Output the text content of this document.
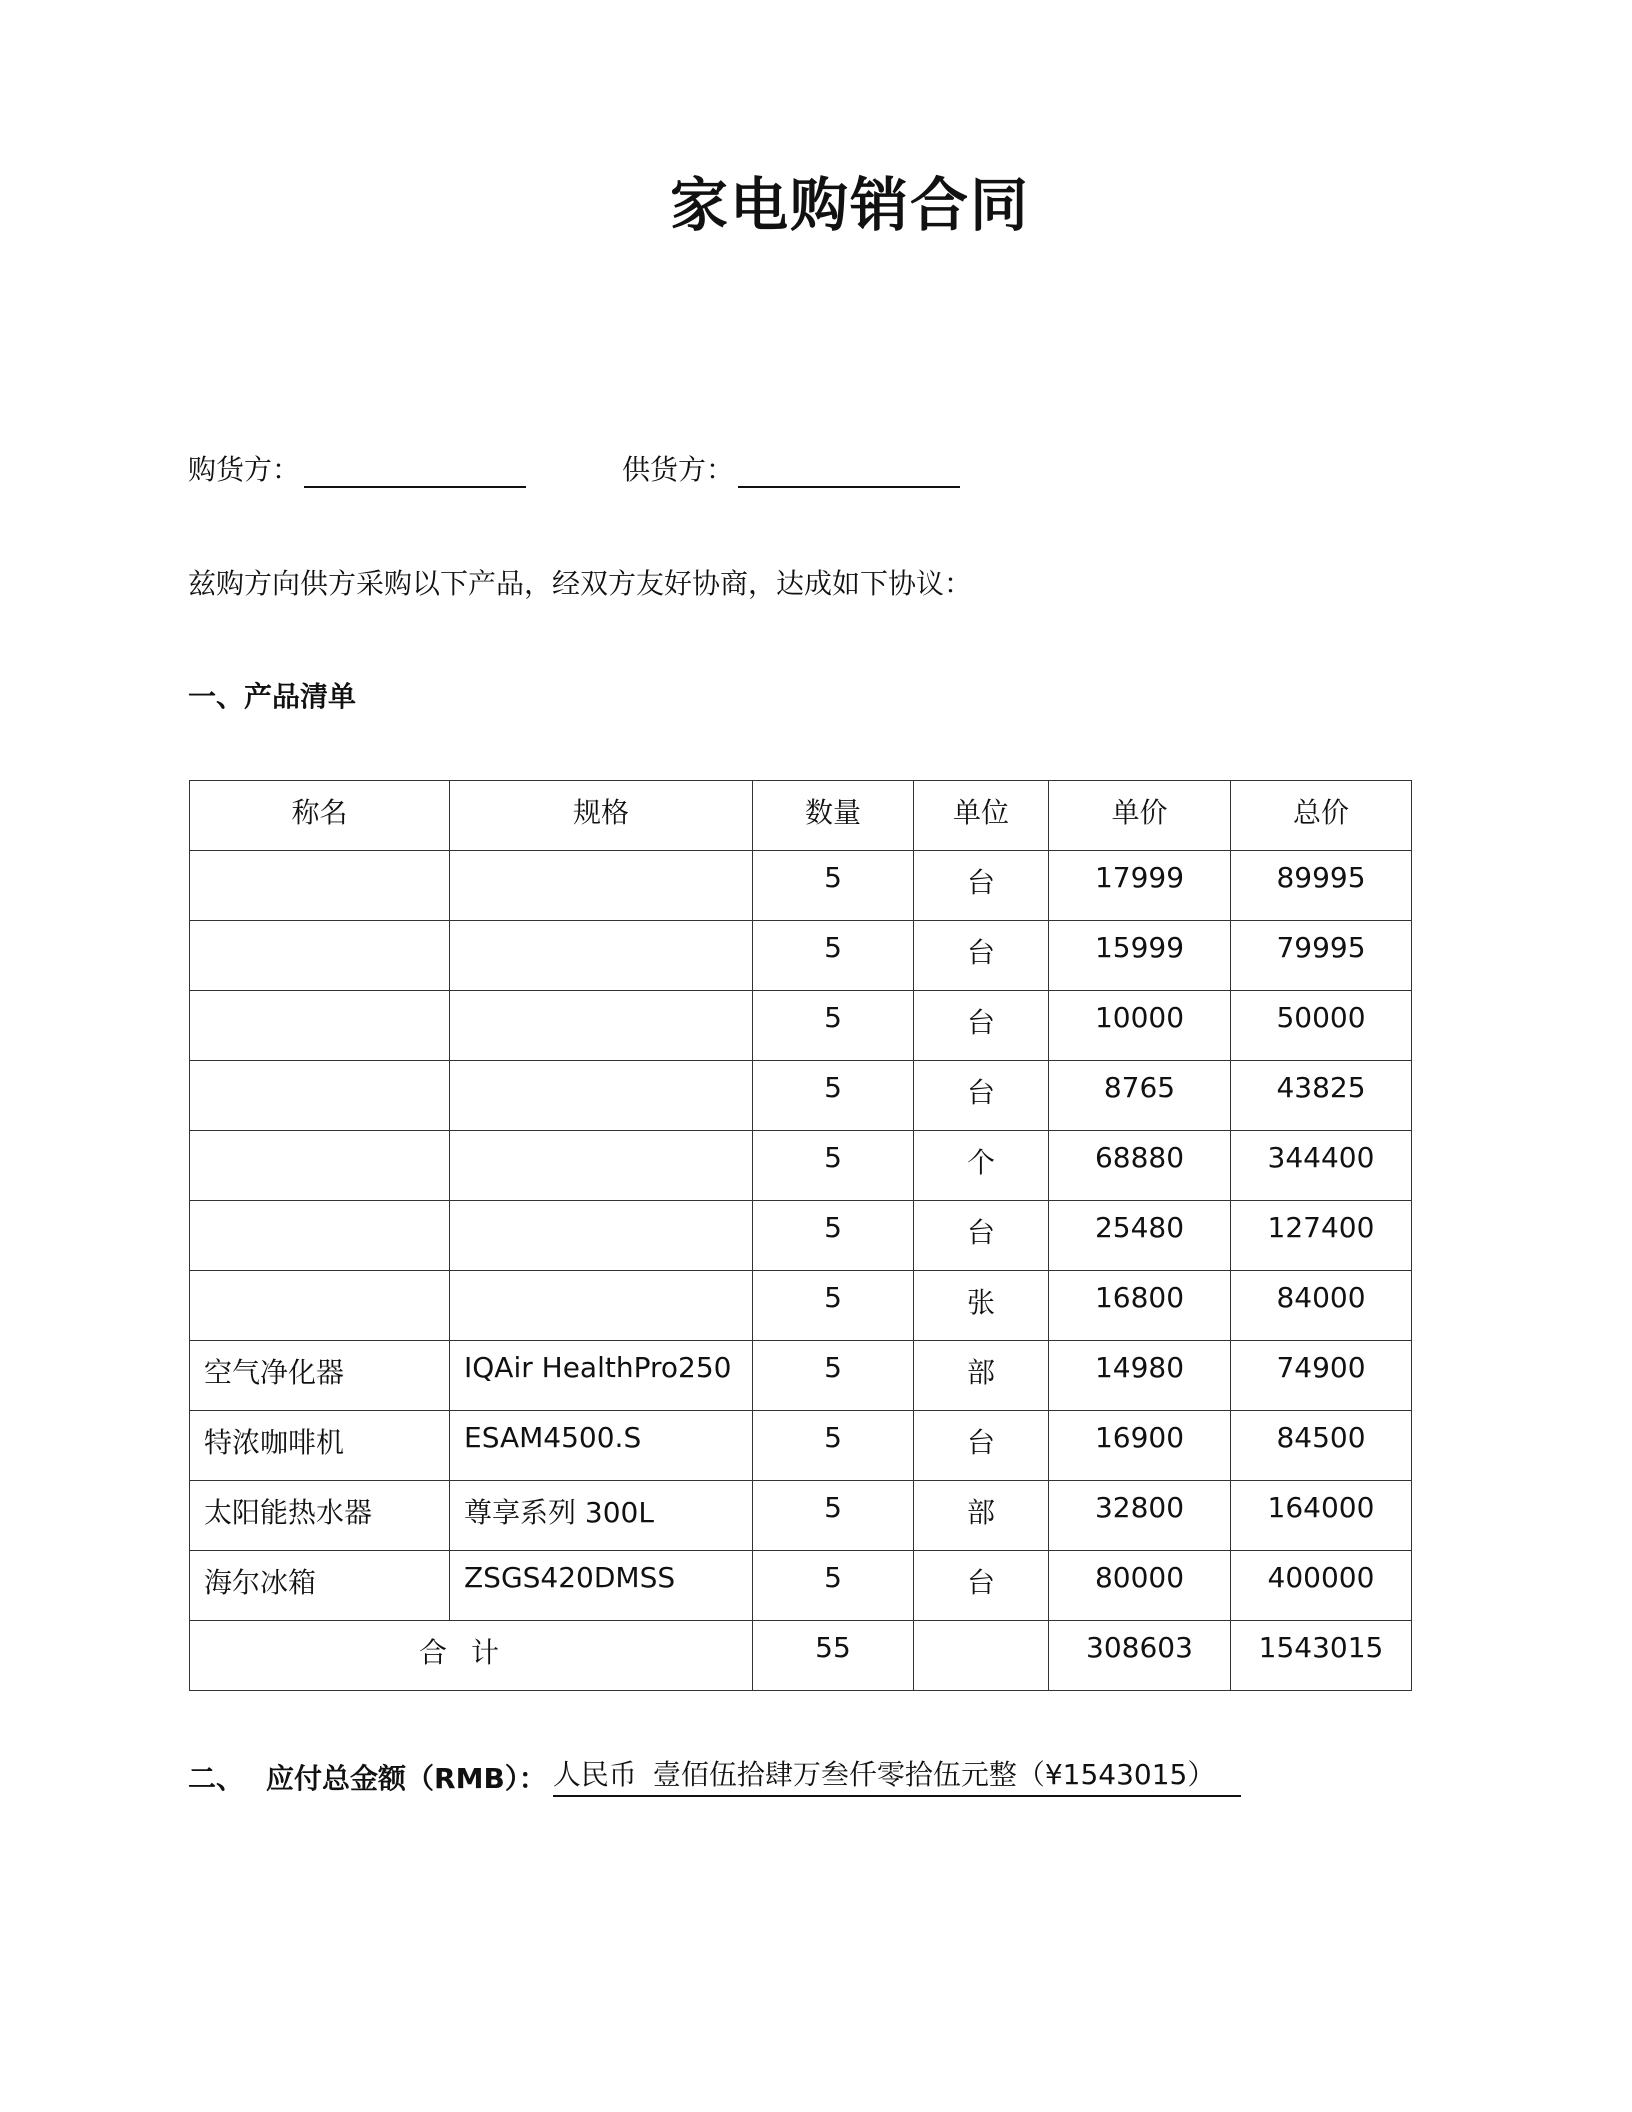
家电购销合同
购货方：	供货方：

兹购方向供方采购以下产品，经双方友好协商，达成如下协议：

一、产品清单

称名	规格	数量	单位	单价	总价
		5	台	17999	89995
		5	台	15999	79995
		5	台	10000	50000
		5	台	8765	43825
		5	个	68880	344400
		5	台	25480	127400
		5	张	16800	84000
空气净化器	IQAir HealthPro250	5	部	14980	74900
特浓咖啡机	ESAM4500.S	5	台	16900	84500
太阳能热水器	尊享系列 300L	5	部	32800	164000
海尔冰箱	ZSGS420DMSS	5	台	80000	400000
合计		55		308603	1543015
二、 应付总金额（RMB）： 人民币 壹佰伍拾肆万叁仟零拾伍元整（¥1543015）
